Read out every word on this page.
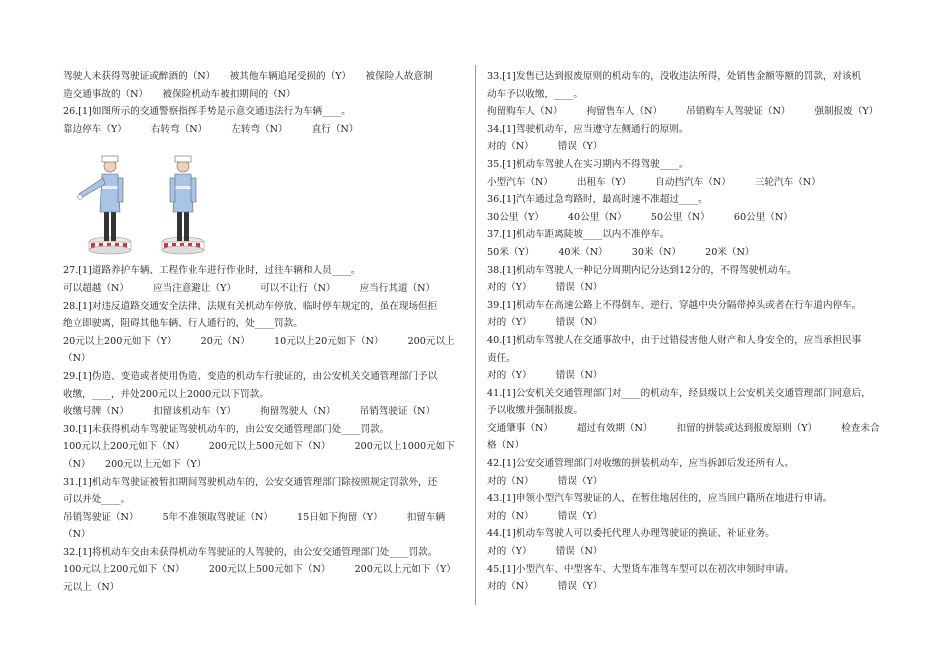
驾驶人未获得驾驶证或醉酒的（N）　　被其他车辆追尾受损的（Y）　　被保险人故意制

造交通事故的（N）　　被保险机动车被扣期间的（N）

26.[1]如图所示的交通警察指挥手势是示意交通违法行为车辆____。

靠边停车（Y）	右转弯（N）	左转弯（N）	直行（N）

27.[1]道路养护车辆、工程作业车进行作业时，过往车辆和人员____。

可以超越（N）	应当注意避让（Y）	可以不让行（N）	应当行其道（N）

28.[1]对违反道路交通安全法律、法规有关机动车停放、临时停车规定的，虽在现场但拒

绝立即驶离，阻碍其他车辆、行人通行的，处____罚款。

20元以上200元如下（Y）	20元（N）	10元以上20元如下（N）	200元以上

（N）

29.[1]伪造、变造或者使用伪造、变造的机动车行驶证的，由公安机关交通管理部门予以

收缴，____，并处200元以上2000元以下罚款。

收缴号牌（N）	扣留该机动车（Y）	拘留驾驶人（N）	吊销驾驶证（N）

30.[1]未获得机动车驾驶证驾驶机动车的，由公安交通管理部门处____罚款。

100元以上200元如下（N）	200元以上500元如下（N）	200元以上1000元如下

（N）　　200元以上元如下（Y）

31.[1]机动车驾驶证被暂扣期间驾驶机动车的，公安交通管理部门除按照规定罚款外，还

可以并处____。

吊销驾驶证（N）	5年不准领取驾驶证（N）	15日如下拘留（Y）	扣留车辆

（N）

32.[1]将机动车交由未获得机动车驾驶证的人驾驶的，由公安交通管理部门处____罚款。

100元以上200元如下（N）	200元以上500元如下（N）	200元以上元如下（Y）

元以上（N）

33.[1]发售已达到报废原则的机动车的，没收违法所得，处销售金额等额的罚款，对该机

动车予以收缴，____。

拘留购车人（N）	拘留售车人（N）	吊销购车人驾驶证（N）	强制报废（Y）

34.[1]驾驶机动车，应当遵守左侧通行的原则。

对的（N）	错误（Y）

35.[1]机动车驾驶人在实习期内不得驾驶____。

小型汽车（N）	出租车（Y）	自动挡汽车（N）	三轮汽车（N）

36.[1]汽车通过急弯路时，最高时速不准超过____。

30公里（Y）	40公里（N）	50公里（N）	60公里（N）

37.[1]机动车距离陡坡____以内不准停车。

50米（Y）	40米（N）	30米（N）	20米（N）

38.[1]机动车驾驶人一种记分周期内记分达到12分的，不得驾驶机动车。

对的（Y）	错误（N）

39.[1]机动车在高速公路上不得倒车、逆行、穿越中央分隔带掉头或者在行车道内停车。

对的（Y）	错误（N）

40.[1]机动车驾驶人在交通事故中，由于过错侵害他人财产和人身安全的，应当承担民事

责任。

对的（Y）	错误（N）

41.[1]公安机关交通管理部门对____的机动车，经县级以上公安机关交通管理部门同意后，

予以收缴并强制报废。

交通肇事（N）	超过有效期（N）	扣留的拼装或达到报废原则（Y）	检查未合

格（N）

42.[1]公安交通管理部门对收缴的拼装机动车，应当拆卸后发还所有人。

对的（N）	错误（Y）

43.[1]申领小型汽车驾驶证的人，在暂住地居住的，应当回户籍所在地进行申请。

对的（N）	错误（Y）

44.[1]机动车驾驶人可以委托代理人办理驾驶证的换证、补证业务。

对的（Y）	错误（N）

45.[1]小型汽车、中型客车、大型货车准驾车型可以在初次申领时申请。

对的（N）	错误（Y）
